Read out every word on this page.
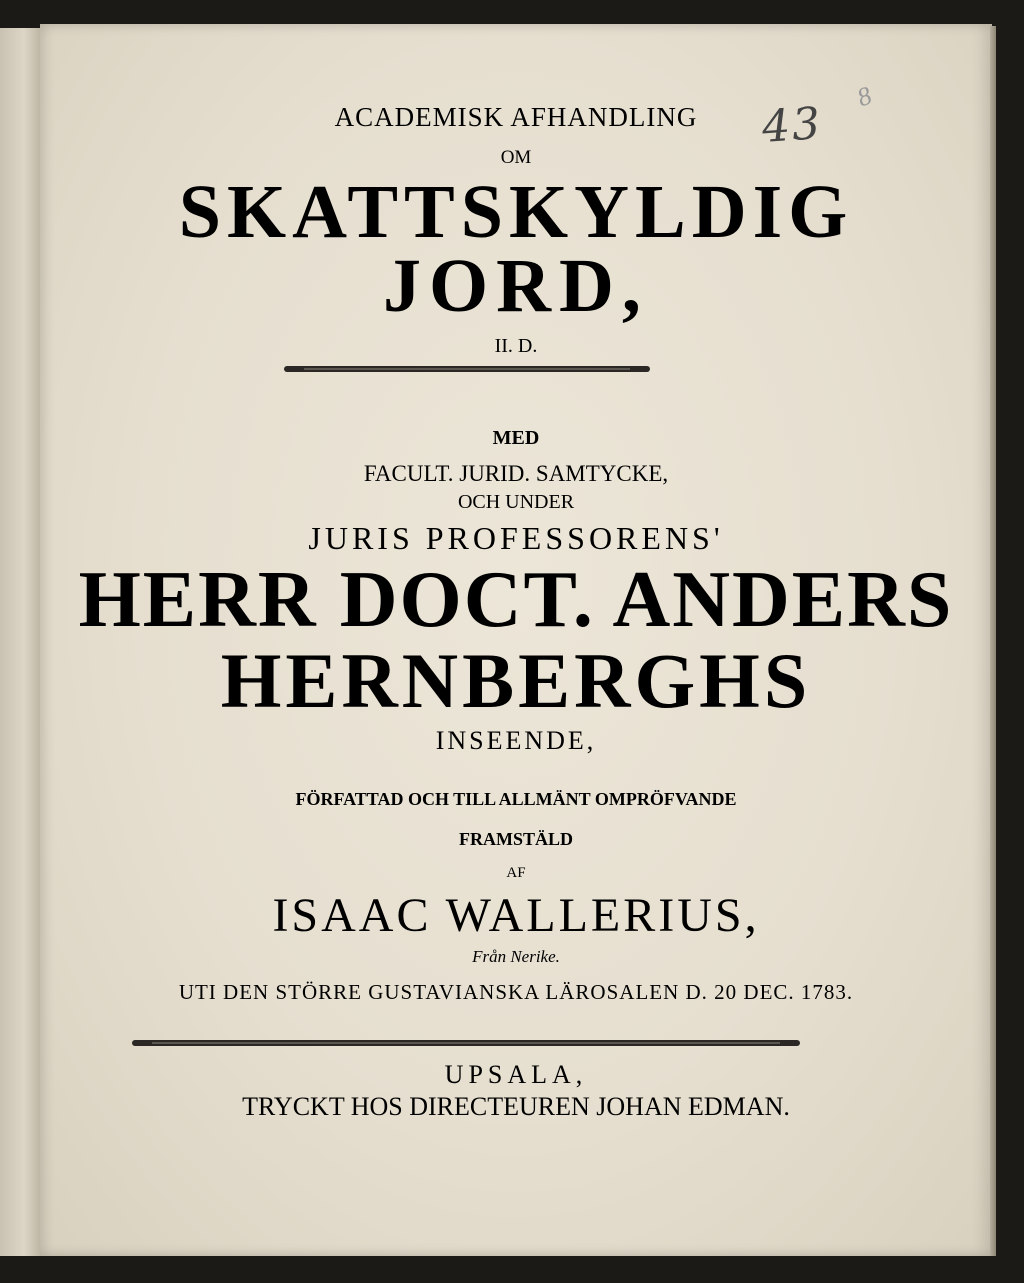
43
8

ACADEMISK AFHANDLING

OM

SKATTSKYLDIG

JORD,

II. D.

MED

FACULT. JURID. SAMTYCKE,

OCH UNDER

JURIS PROFESSORENS'

HERR DOCT. ANDERS

HERNBERGHS

INSEENDE,

FÖRFATTAD OCH TILL ALLMÄNT OMPRÖFVANDE

FRAMSTÄLD

AF

ISAAC WALLERIUS,

Från Nerike.

UTI DEN STÖRRE GUSTAVIANSKA LÄROSALEN D. 20 DEC. 1783.

UPSALA,

TRYCKT HOS DIRECTEUREN JOHAN EDMAN.
